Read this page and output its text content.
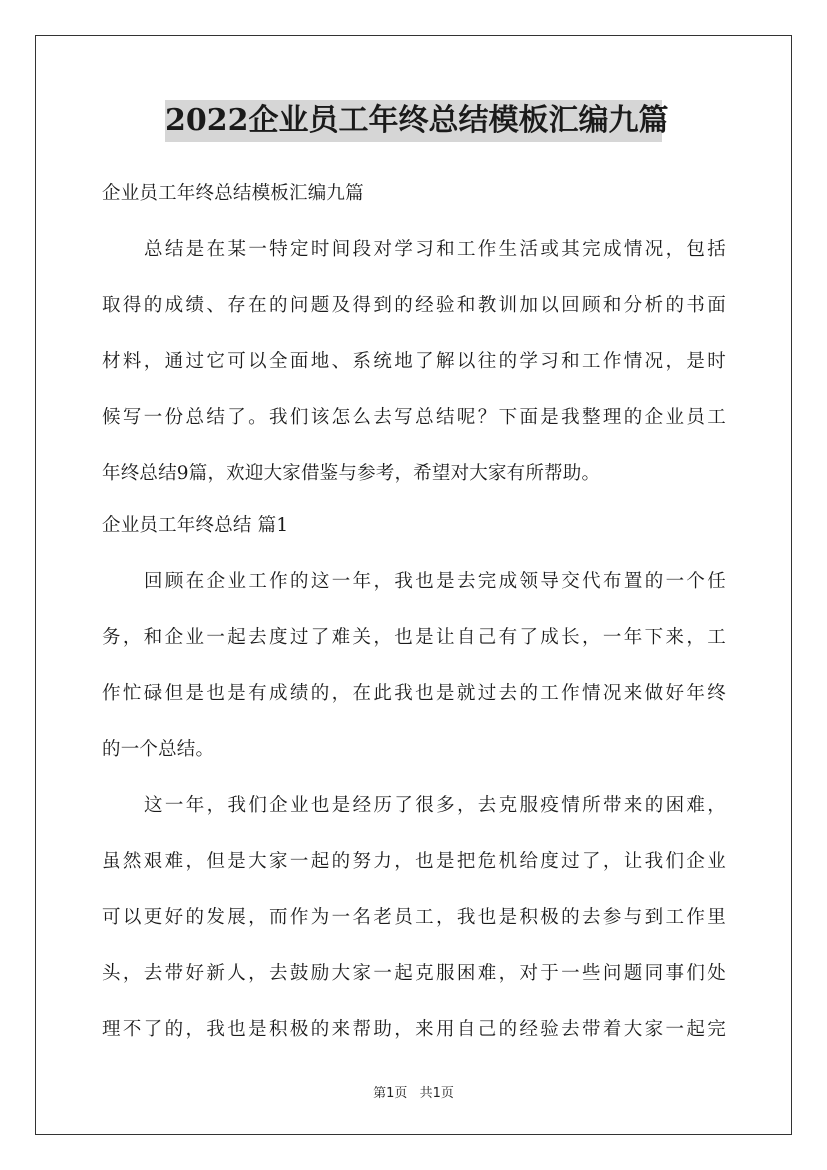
2022企业员工年终总结模板汇编九篇

企业员工年终总结模板汇编九篇

总结是在某一特定时间段对学习和工作生活或其完成情况，包括

取得的成绩、存在的问题及得到的经验和教训加以回顾和分析的书面

材料，通过它可以全面地、系统地了解以往的学习和工作情况，是时

候写一份总结了。我们该怎么去写总结呢？下面是我整理的企业员工

年终总结9篇，欢迎大家借鉴与参考，希望对大家有所帮助。

企业员工年终总结 篇1

回顾在企业工作的这一年，我也是去完成领导交代布置的一个任

务，和企业一起去度过了难关，也是让自己有了成长，一年下来，工

作忙碌但是也是有成绩的，在此我也是就过去的工作情况来做好年终

的一个总结。

这一年，我们企业也是经历了很多，去克服疫情所带来的困难，

虽然艰难，但是大家一起的努力，也是把危机给度过了，让我们企业

可以更好的发展，而作为一名老员工，我也是积极的去参与到工作里

头，去带好新人，去鼓励大家一起克服困难，对于一些问题同事们处

理不了的，我也是积极的来帮助，来用自己的经验去带着大家一起完

第1页 共1页
